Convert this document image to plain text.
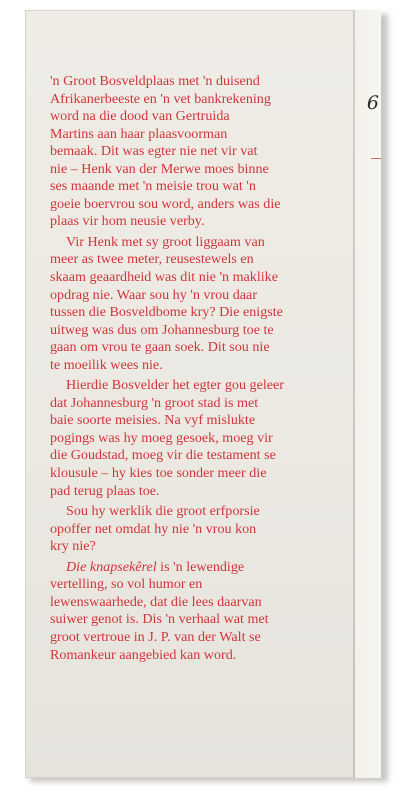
6

'n Groot Bosveldplaas met 'n duisend
Afrikanerbeeste en 'n vet bankrekening
word na die dood van Gertruida
Martins aan haar plaasvoorman
bemaak. Dit was egter nie net vir vat
nie – Henk van der Merwe moes binne
ses maande met 'n meisie trou wat 'n
goeie boervrou sou word, anders was die
plaas vir hom neusie verby.

Vir Henk met sy groot liggaam van
meer as twee meter, reusestewels en
skaam geaardheid was dit nie 'n maklike
opdrag nie. Waar sou hy 'n vrou daar
tussen die Bosveldbome kry? Die enigste
uitweg was dus om Johannesburg toe te
gaan om vrou te gaan soek. Dit sou nie
te moeilik wees nie.

Hierdie Bosvelder het egter gou geleer
dat Johannesburg 'n groot stad is met
baie soorte meisies. Na vyf mislukte
pogings was hy moeg gesoek, moeg vir
die Goudstad, moeg vir die testament se
klousule – hy kies toe sonder meer die
pad terug plaas toe.

Sou hy werklik die groot erfporsie
opoffer net omdat hy nie 'n vrou kon
kry nie?

Die knapsekêrel is 'n lewendige
vertelling, so vol humor en
lewenswaarhede, dat die lees daarvan
suiwer genot is. Dis 'n verhaal wat met
groot vertroue in J. P. van der Walt se
Romankeur aangebied kan word.
